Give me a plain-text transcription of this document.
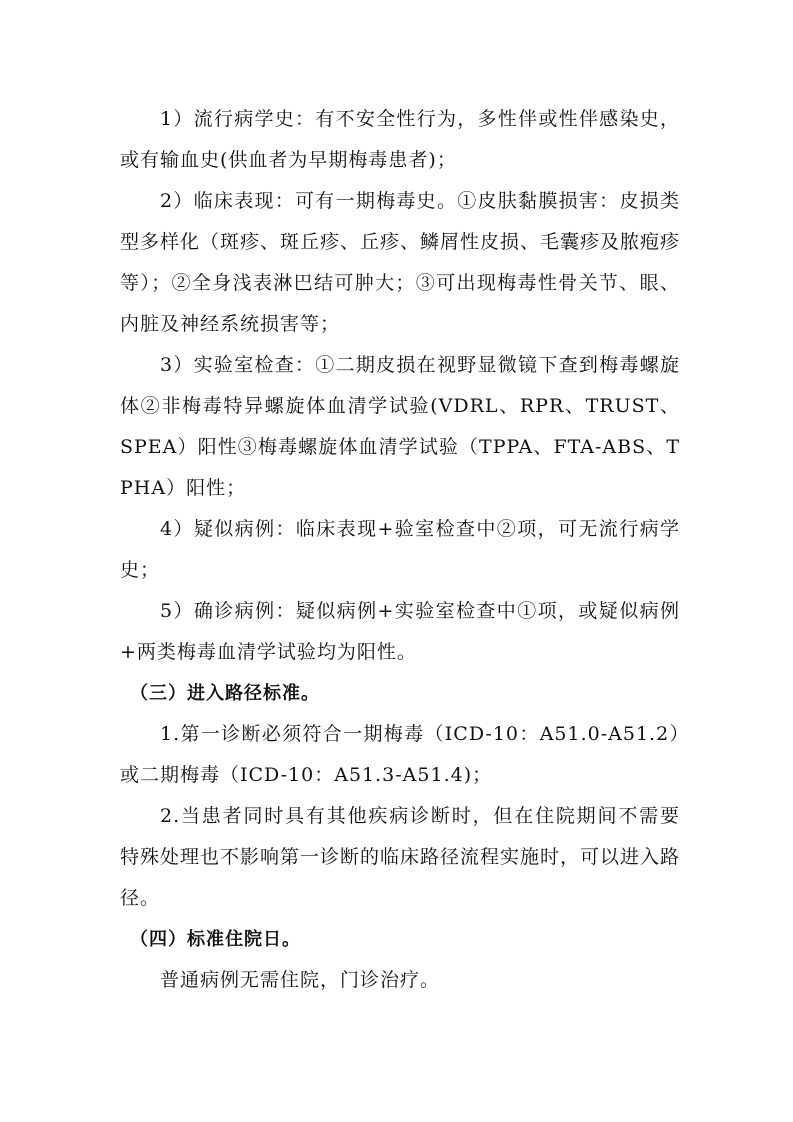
1）流行病学史：有不安全性行为，多性伴或性伴感染史，或有输血史(供血者为早期梅毒患者)；

2）临床表现：可有一期梅毒史。①皮肤黏膜损害：皮损类型多样化（斑疹、斑丘疹、丘疹、鳞屑性皮损、毛囊疹及脓疱疹等）；②全身浅表淋巴结可肿大；③可出现梅毒性骨关节、眼、内脏及神经系统损害等；

3）实验室检查：①二期皮损在视野显微镜下查到梅毒螺旋体②非梅毒特异螺旋体血清学试验(VDRL、RPR、TRUST、SPEA）阳性③梅毒螺旋体血清学试验（TPPA、FTA-ABS、TPHA）阳性；

4）疑似病例：临床表现+验室检查中②项，可无流行病学史；

5）确诊病例：疑似病例+实验室检查中①项，或疑似病例+两类梅毒血清学试验均为阳性。

（三）进入路径标准。

1.第一诊断必须符合一期梅毒（ICD-10：A51.0-A51.2）或二期梅毒（ICD-10：A51.3-A51.4)；

2.当患者同时具有其他疾病诊断时，但在住院期间不需要特殊处理也不影响第一诊断的临床路径流程实施时，可以进入路径。

（四）标准住院日。

普通病例无需住院，门诊治疗。
